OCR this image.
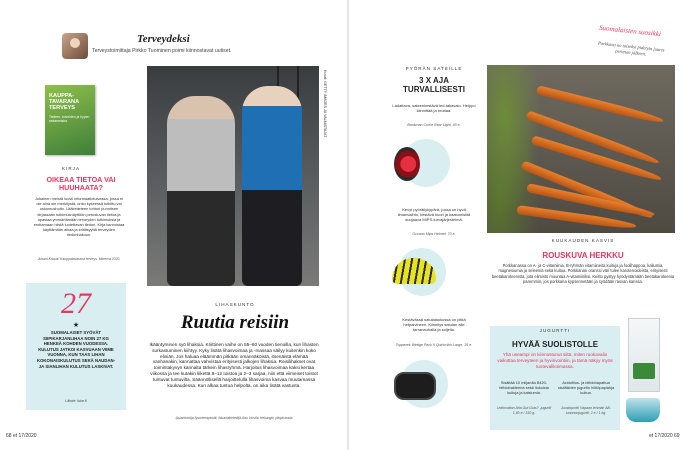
Terveydeksi
Terveystoimittaja Pirkko Tuominen poimi kiinnostavat uutiset.
KAUPPA-TAVARANA TERVEYS
Tieteen, toiveiden ja hypen sekamelska
KIRJA
OIKEAA TIETOA VAI HUUHAATA?
Jokainen meistä luovii informaatiotulvassa, jossa ei ole aina ole merkitystä, onko kyseessä tutkittu vai uskomushoito. Lääketieteen tohtori punnitsee kirjassaan tutkimusnäyttöön perustuvan tietoa ja opastaa ymmärtämään terveyden tutkimuksia ja erottamaan niistä luotettavan tiedon. Kirja kannustaa käyttämään aikaa ja kriittisyyttä terveyden tiedonhakuun.
Juhani Knuuti: Kauppatavarana terveys. Minerva 2020.
27
★
SUOMALAISET SYÖVÄT SIIPIKARJANLIHAA NOIN 27 KG HENKEÄ KOHDEN VUODESSA. KULUTUS JATKOI KASVUAAN VIIME VUONNA, KUN TAAS LIHAN KOKONAISKULUTUS SEKÄ NAUDAN- JA SIANLIHAN KULUTUS LASKIVAT.
Lähde: luke.fi
Kuvat: GETTY IMAGES JA VALMISTAJAT
LIHASKUNTO
Ruutia reisiin
Ikääntyminen syö lihaksia. Kriittinen vaihe on 55–60 vuoden tienoilla, kun lihasten surkastuminen kiihtyy. Kyky lisätä lihasvoimaa ja -massaa säilyy kuitenkin koko eliniän. Jos haluaa eläämmän pitkään omannäköistä, itsenäistä elämää vanhanakin, kannattaa vahvistaa erityisesti jalkojen lihaksia. Reisilihakset ovat toimintakyvyn kannalta tärkein lihasryhmä. Harjoitus lihasvoimaa kaksi kertaa viikossa ja tee kutakin liikettä 8–12 toistoa ja 2–3 sarjaa, niin että viimeiset toistot tuntuvat tuntuvilta. Säännöllisellä harjoittelulla lihasvoima kasvaa muutamassa kuukaudessa. Kun alkaa tuntua helpolta, on aika lisätä vastusta.
Asiantuntija fysioterapeutti, liikuntatieteilijä Anu Hovila Helsingin yliopistosta
68 et 17/2020
PYÖRÄN SATEILLE
3 X AJA TURVALLISESTI
Ladattava, sateenkestävä led-takavalo. Helppo kiinnittää ja irrottaa.
Bookman Curve Rear Light, 40 e.
Kevyt pyöräilykypärä, jossa on hyvä ilmanvaihto, kestävä kuori ja kaatumisiltä suojaava MIPS-turvajärjestelmä.
Occano Mips Helmet, 70 e.
Kestävässä satulalaukussa on pitkä hetpaivineen. Kiinnitys satulan alle tarranauhalla ja soljella.
Topperek Wedge Pack II Quickclick Large, 35 e.
Suomalaisten suosikki
Porkkana on toiseksi pidetyin juures perunan jälkeen.
KUUKAUDEN KASVIS
ROUSKUVA HERKKU
Porkkanassa on A- ja C-vitamiinia, B-ryhmän vitamiineita kuituja ja foolihappoa, kaliumia, magnesiumia ja seleeniä sekä kuitua. Porkkanan oranssi väri tulee karotenoideista, erityisesti beetakaroteenista, jota elimistö muuntaa A-vitamiiniksi. Keitto pystyy hyödyntämään beetakaroteenia paremmin, jos porkkana kypsennetään ja syödään rasvan kanssa.
JUGURTTI
HYVÄÄ SUOLISTOLLE
Yhä useampi on kiinnostunut siitä, miten ruokavalio vaikuttaa terveyteen ja hyvinvointiin, ja tämä näkyy myös tuotevalikoimassa.
Sisältää 10 miljardia B420-bifidobakteeria sekä liukoisia kuituja ja kalsiumia.
Acidofilus- ja bifidohapattua sisältävien jugurtin höltöpaplahja kuitua.
Lektovation Arla Gut Guts? -jugurtti 1,60 e / 150 g.
Juustoportti Vapaan lehmän AB-luonnonjugurtti, 2 e / 1 kg.
et 17/2020 69
